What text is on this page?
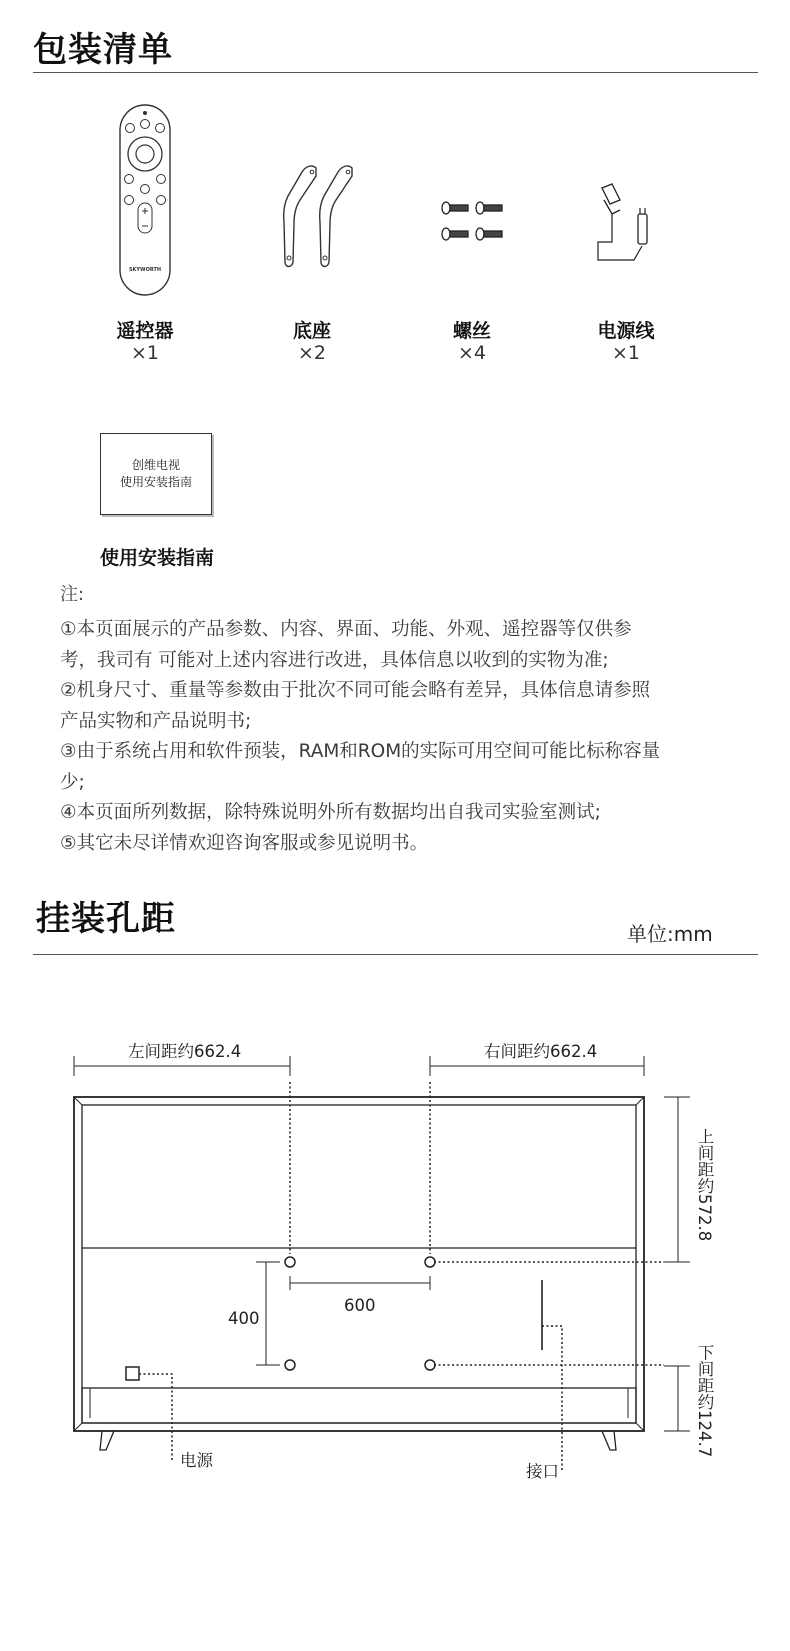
包装清单
SKYWORTH
遥控器
×1
底座
×2
螺丝
×4
电源线
×1
创维电视
使用安装指南
使用安装指南
注:

①本页面展示的产品参数、内容、界面、功能、外观、遥控器等仅供参

考，我司有 可能对上述内容进行改进，具体信息以收到的实物为准;

②机身尺寸、重量等参数由于批次不同可能会略有差异，具体信息请参照

产品实物和产品说明书;

③由于系统占用和软件预装，RAM和ROM的实际可用空间可能比标称容量

少;

④本页面所列数据，除特殊说明外所有数据均出自我司实验室测试;

⑤其它未尽详情欢迎咨询客服或参见说明书。

挂装孔距	单位:mm
左间距约662.4	右间距约662.4
上间距约572.8
下间距约124.7
600
400
电源
接口
